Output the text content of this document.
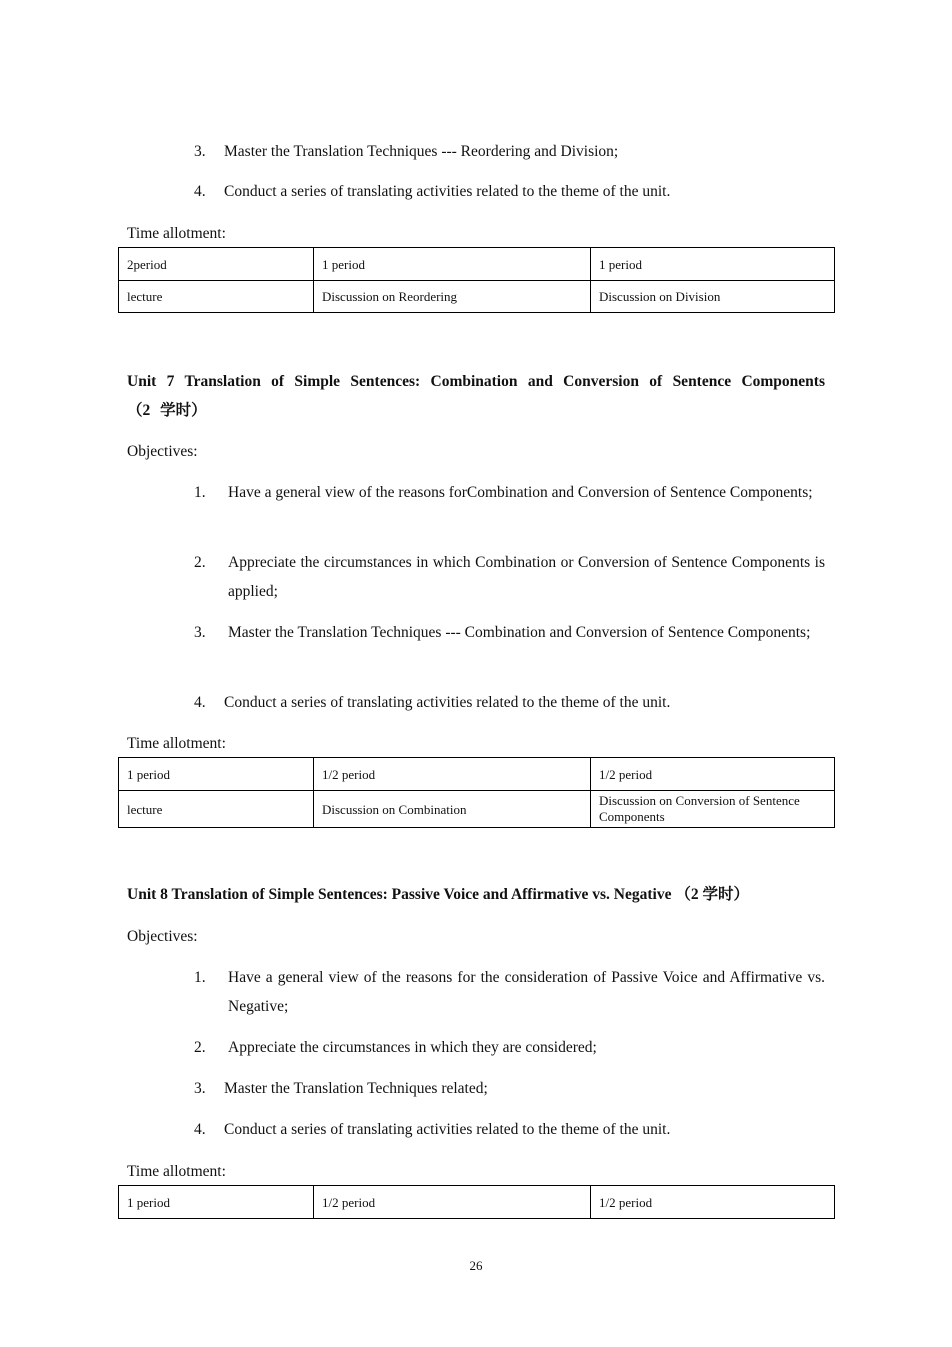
3. Master the Translation Techniques --- Reordering and Division;
4. Conduct a series of translating activities related to the theme of the unit.
Time allotment:
2period	1 period	1 period
lecture	Discussion on Reordering	Discussion on Division
Unit 7 Translation of Simple Sentences: Combination and Conversion of Sentence Components （2 学时）
Objectives:
1. Have a general view of the reasons forCombination and Conversion of Sentence Components;
2. Appreciate the circumstances in which Combination or Conversion of Sentence Components is applied;
3. Master the Translation Techniques --- Combination and Conversion of Sentence Components;
4. Conduct a series of translating activities related to the theme of the unit.
Time allotment:
1 period	1/2 period	1/2 period
lecture	Discussion on Combination	Discussion on Conversion of Sentence Components
Unit 8 Translation of Simple Sentences: Passive Voice and Affirmative vs. Negative （2 学时）
Objectives:
1. Have a general view of the reasons for the consideration of Passive Voice and Affirmative vs. Negative;
2. Appreciate the circumstances in which they are considered;
3. Master the Translation Techniques related;
4. Conduct a series of translating activities related to the theme of the unit.
Time allotment:
1 period	1/2 period	1/2 period
26
